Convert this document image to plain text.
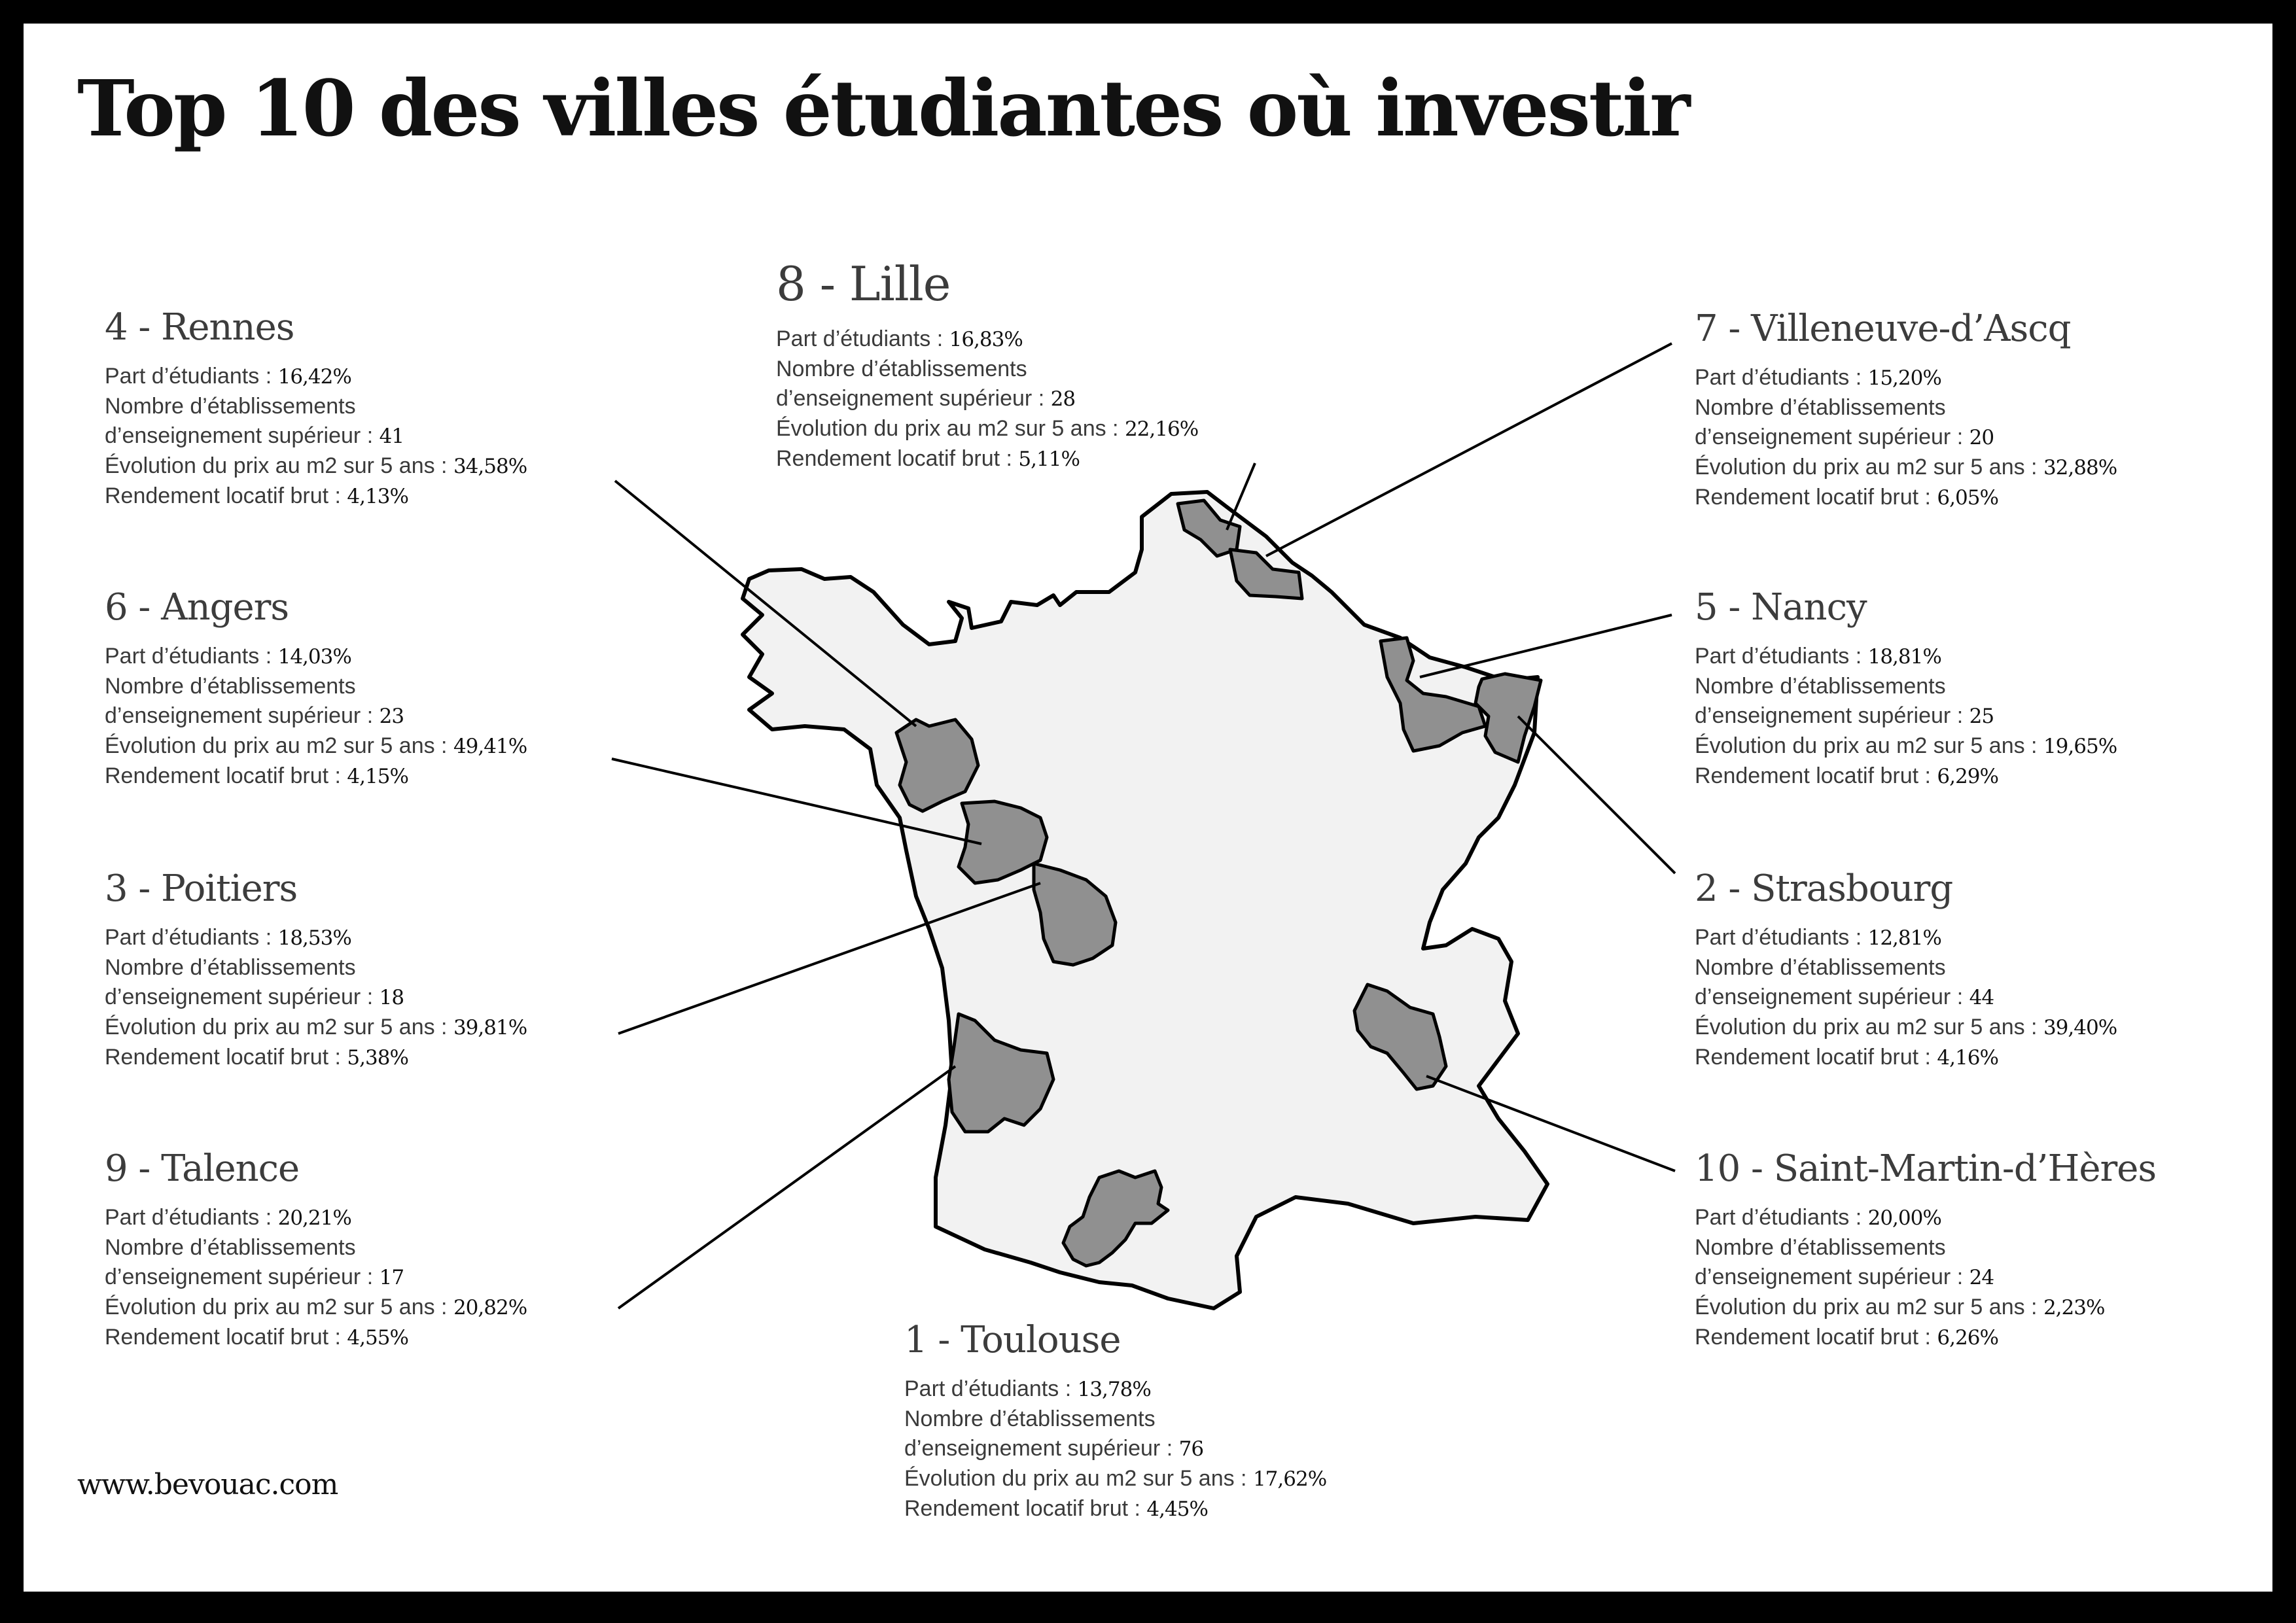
Top 10 des villes étudiantes où investir
4 - Rennes
Part d’étudiants : 16,42%
Nombre d’établissements
d’enseignement supérieur : 41
Évolution du prix au m2 sur 5 ans : 34,58%
Rendement locatif brut : 4,13%
6 - Angers
Part d’étudiants : 14,03%
Nombre d’établissements
d’enseignement supérieur : 23
Évolution du prix au m2 sur 5 ans : 49,41%
Rendement locatif brut : 4,15%
3 - Poitiers
Part d’étudiants : 18,53%
Nombre d’établissements
d’enseignement supérieur : 18
Évolution du prix au m2 sur 5 ans : 39,81%
Rendement locatif brut : 5,38%
9 - Talence
Part d’étudiants : 20,21%
Nombre d’établissements
d’enseignement supérieur : 17
Évolution du prix au m2 sur 5 ans : 20,82%
Rendement locatif brut : 4,55%
8 - Lille
Part d’étudiants : 16,83%
Nombre d’établissements
d’enseignement supérieur : 28
Évolution du prix au m2 sur 5 ans : 22,16%
Rendement locatif brut : 5,11%
1 - Toulouse
Part d’étudiants : 13,78%
Nombre d’établissements
d’enseignement supérieur : 76
Évolution du prix au m2 sur 5 ans : 17,62%
Rendement locatif brut : 4,45%
7 - Villeneuve-d’Ascq
Part d’étudiants : 15,20%
Nombre d’établissements
d’enseignement supérieur : 20
Évolution du prix au m2 sur 5 ans : 32,88%
Rendement locatif brut : 6,05%
5 - Nancy
Part d’étudiants : 18,81%
Nombre d’établissements
d’enseignement supérieur : 25
Évolution du prix au m2 sur 5 ans : 19,65%
Rendement locatif brut : 6,29%
2 - Strasbourg
Part d’étudiants : 12,81%
Nombre d’établissements
d’enseignement supérieur : 44
Évolution du prix au m2 sur 5 ans : 39,40%
Rendement locatif brut : 4,16%
10 - Saint-Martin-d’Hères
Part d’étudiants : 20,00%
Nombre d’établissements
d’enseignement supérieur : 24
Évolution du prix au m2 sur 5 ans : 2,23%
Rendement locatif brut : 6,26%
www.bevouac.com
